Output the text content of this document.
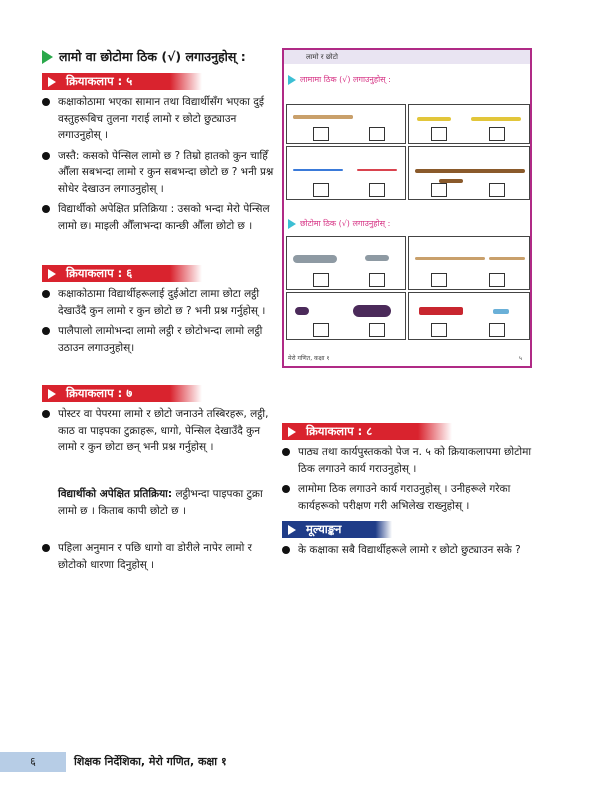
लामो वा छोटोमा ठिक (√) लगाउनुहोस् :
क्रियाकलाप : ५
कक्षाकोठामा भएका सामान तथा विद्यार्थीसँग भएका दुई वस्तुहरूबिच तुलना गराई लामो र छोटो छुट्याउन लगाउनुहोस् ।
जस्तै: कसको पेन्सिल लामो छ ? तिम्रो हातको कुन चाहिँ औँला सबभन्दा लामो र कुन सबभन्दा छोटो छ ? भनी प्रश्न सोधेर देखाउन लगाउनुहोस् ।
विद्यार्थीको अपेक्षित प्रतिक्रिया : उसको भन्दा मेरो पेन्सिल लामो छ। माइली औँलाभन्दा कान्छी औँला छोटो छ ।
क्रियाकलाप : ६
कक्षाकोठामा विद्यार्थीहरूलाई दुईओटा लामा छोटा लट्ठी देखाउँदै कुन लामो र कुन छोटो छ ? भनी प्रश्न गर्नुहोस् ।
पालैपालो लामोभन्दा लामो लट्ठी र छोटोभन्दा लामो लट्ठी उठाउन लगाउनुहोस्।
क्रियाकलाप : ७
पोस्टर वा पेपरमा लामो र छोटो जनाउने तस्बिरहरू, लट्ठी, काठ वा पाइपका टुक्राहरू, धागो, पेन्सिल देखाउँदै कुन लामो र कुन छोटा छन् भनी प्रश्न गर्नुहोस् ।
विद्यार्थीको अपेक्षित प्रतिक्रिया: लट्ठीभन्दा पाइपका टुक्रा लामो छ । किताब कापी छोटो छ ।
पहिला अनुमान र पछि धागो वा डोरीले नापेर लामो र छोटोको धारणा दिनुहोस् ।
लामो र छोटो
लामामा ठिक (√) लगाउनुहोस् :
छोटोमा ठिक (√) लगाउनुहोस् :
मेरो गणित, कक्षा १	५
क्रियाकलाप : ८
पाठ्य तथा कार्यपुस्तकको पेज न. ५ को क्रियाकलापमा छोटोमा ठिक लगाउने कार्य गराउनुहोस् ।
लामोमा ठिक लगाउने कार्य गराउनुहोस् । उनीहरूले गरेका कार्यहरूको परीक्षण गरी अभिलेख राख्नुहोस् ।
मूल्याङ्कन
के कक्षाका सबै विद्यार्थीहरूले लामो र छोटो छुट्याउन सके ?
६	शिक्षक निर्देशिका, मेरो गणित, कक्षा १
